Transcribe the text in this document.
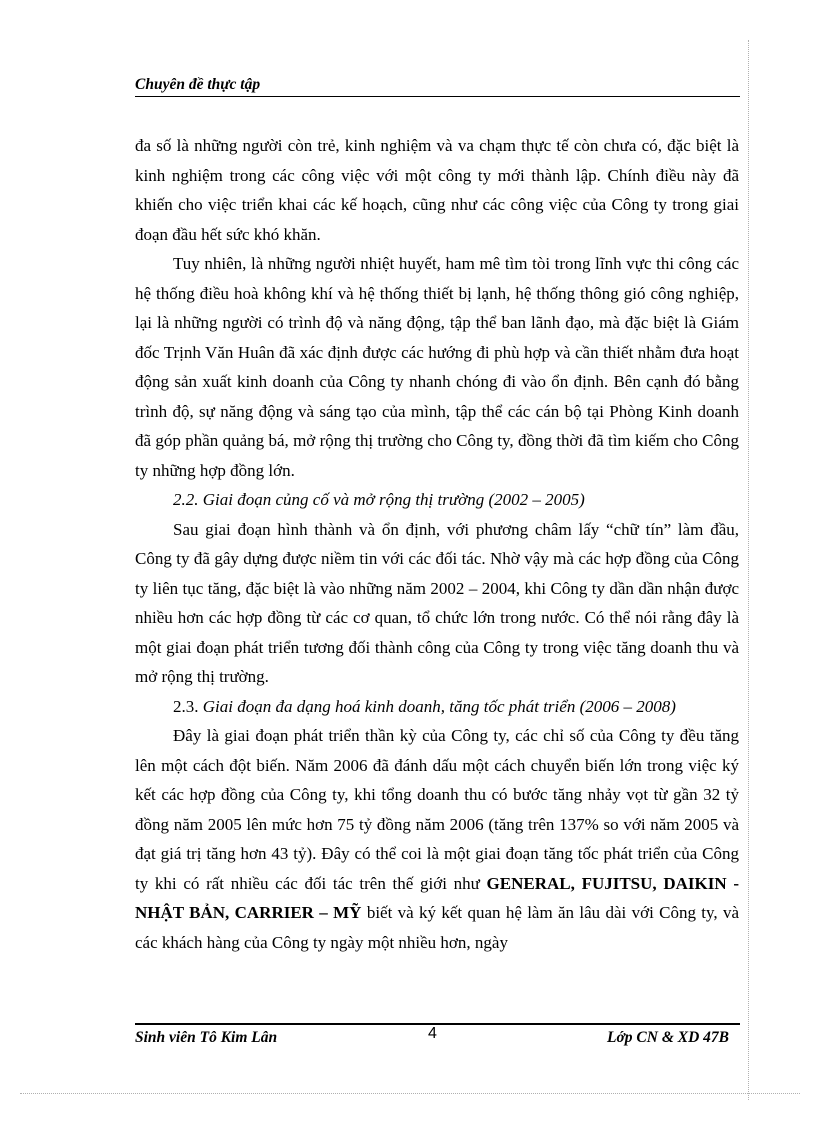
Chuyên đề thực tập

đa số là những người còn trẻ, kinh nghiệm và va chạm thực tế còn chưa có, đặc biệt là kinh nghiệm trong các công việc với một công ty mới thành lập. Chính điều này đã khiến cho việc triển khai các kế hoạch, cũng như các công việc của Công ty trong giai đoạn đầu hết sức khó khăn.

Tuy nhiên, là những người nhiệt huyết, ham mê tìm tòi trong lĩnh vực thi công các hệ thống điều hoà không khí và hệ thống thiết bị lạnh, hệ thống thông gió công nghiệp, lại là những người có trình độ và năng động, tập thể ban lãnh đạo, mà đặc biệt là Giám đốc Trịnh Văn Huân đã xác định được các hướng đi phù hợp và cần thiết nhằm đưa hoạt động sản xuất kinh doanh của Công ty nhanh chóng đi vào ổn định. Bên cạnh đó bằng trình độ, sự năng động và sáng tạo của mình, tập thể các cán bộ tại Phòng Kinh doanh đã góp phần quảng bá, mở rộng thị trường cho Công ty, đồng thời đã tìm kiếm cho Công ty những hợp đồng lớn.

2.2. Giai đoạn củng cố và mở rộng thị trường (2002 – 2005)

Sau giai đoạn hình thành và ổn định, với phương châm lấy “chữ tín” làm đầu, Công ty đã gây dựng được niềm tin với các đối tác. Nhờ vậy mà các hợp đồng của Công ty liên tục tăng, đặc biệt là vào những năm 2002 – 2004, khi Công ty dần dần nhận được nhiều hơn các hợp đồng từ các cơ quan, tổ chức lớn trong nước. Có thể nói rằng đây là một giai đoạn phát triển tương đối thành công của Công ty trong việc tăng doanh thu và mở rộng thị trường.

2.3. Giai đoạn đa dạng hoá kinh doanh, tăng tốc phát triển (2006 – 2008)

Đây là giai đoạn phát triển thần kỳ của Công ty, các chỉ số của Công ty đều tăng lên một cách đột biến. Năm 2006 đã đánh dấu một cách chuyển biến lớn trong việc ký kết các hợp đồng của Công ty, khi tổng doanh thu có bước tăng nhảy vọt từ gần 32 tỷ đồng năm 2005 lên mức hơn 75 tỷ đồng năm 2006 (tăng trên 137% so với năm 2005 và đạt giá trị tăng hơn 43 tỷ). Đây có thể coi là một giai đoạn tăng tốc phát triển của Công ty khi có rất nhiều các đối tác trên thế giới như GENERAL, FUJITSU, DAIKIN - NHẬT BẢN, CARRIER – MỸ biết và ký kết quan hệ làm ăn lâu dài với Công ty, và các khách hàng của Công ty ngày một nhiều hơn, ngày

Sinh viên Tô Kim Lân	4	Lớp CN & XD 47B
